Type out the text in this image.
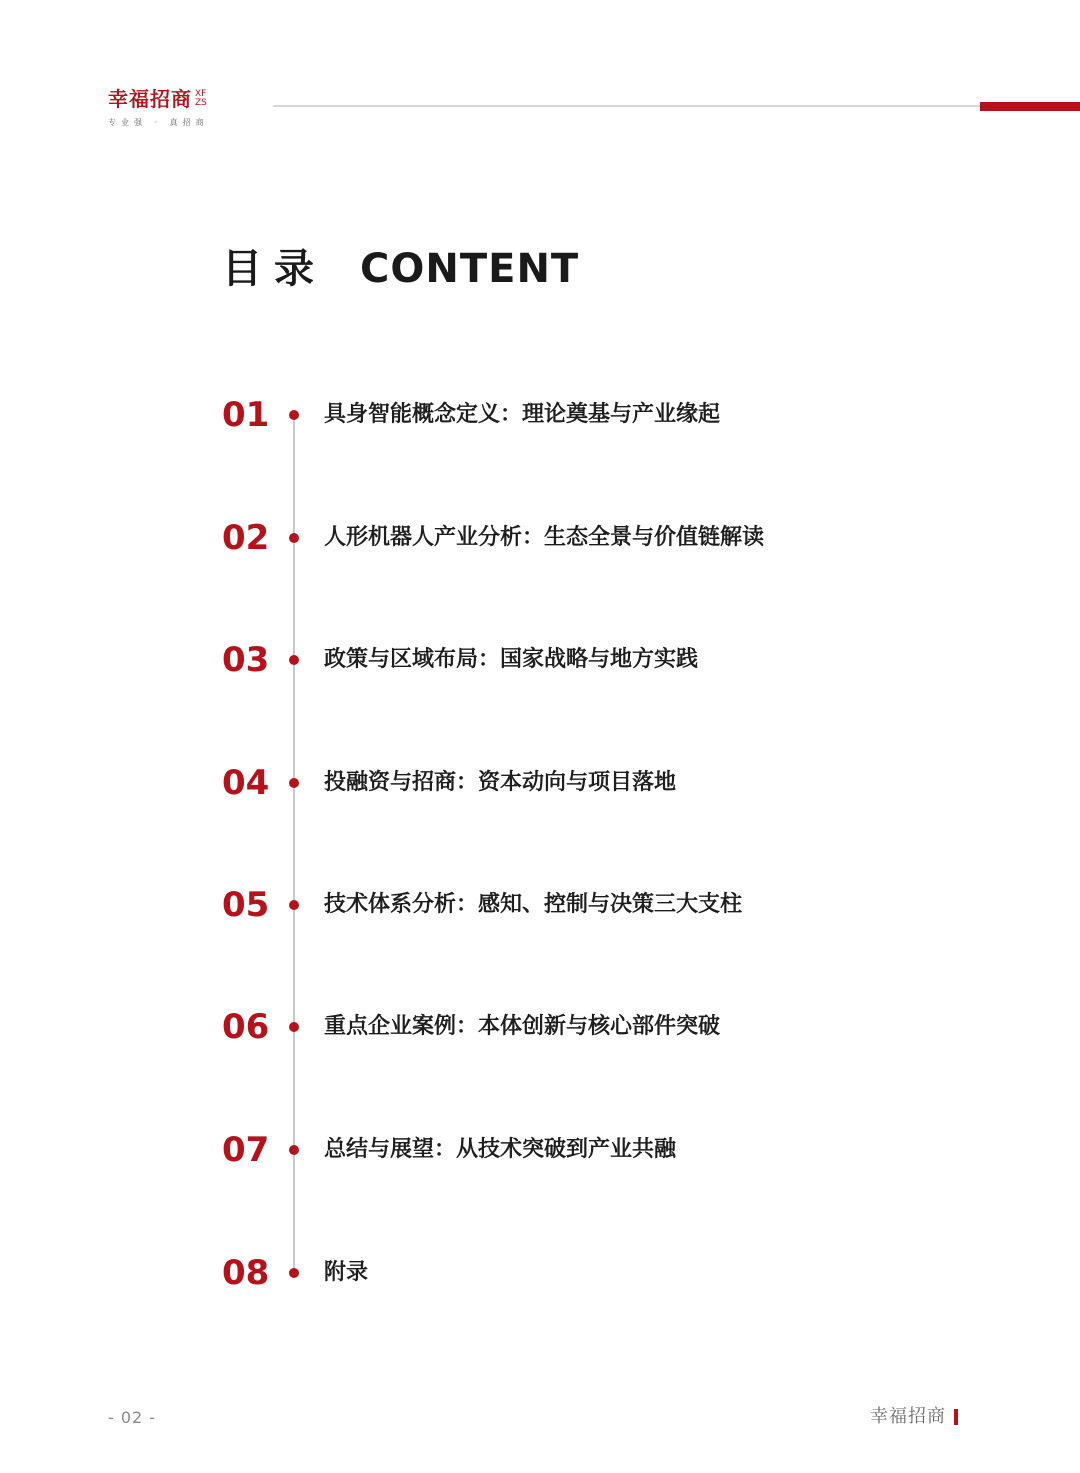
幸福招商 XF
ZS
专业强 · 真招商
目录 CONTENT
01 具身智能概念定义：理论奠基与产业缘起
02 人形机器人产业分析：生态全景与价值链解读
03 政策与区域布局：国家战略与地方实践
04 投融资与招商：资本动向与项目落地
05 技术体系分析：感知、控制与决策三大支柱
06 重点企业案例：本体创新与核心部件突破
07 总结与展望：从技术突破到产业共融
08 附录
- 02 -	幸福招商
